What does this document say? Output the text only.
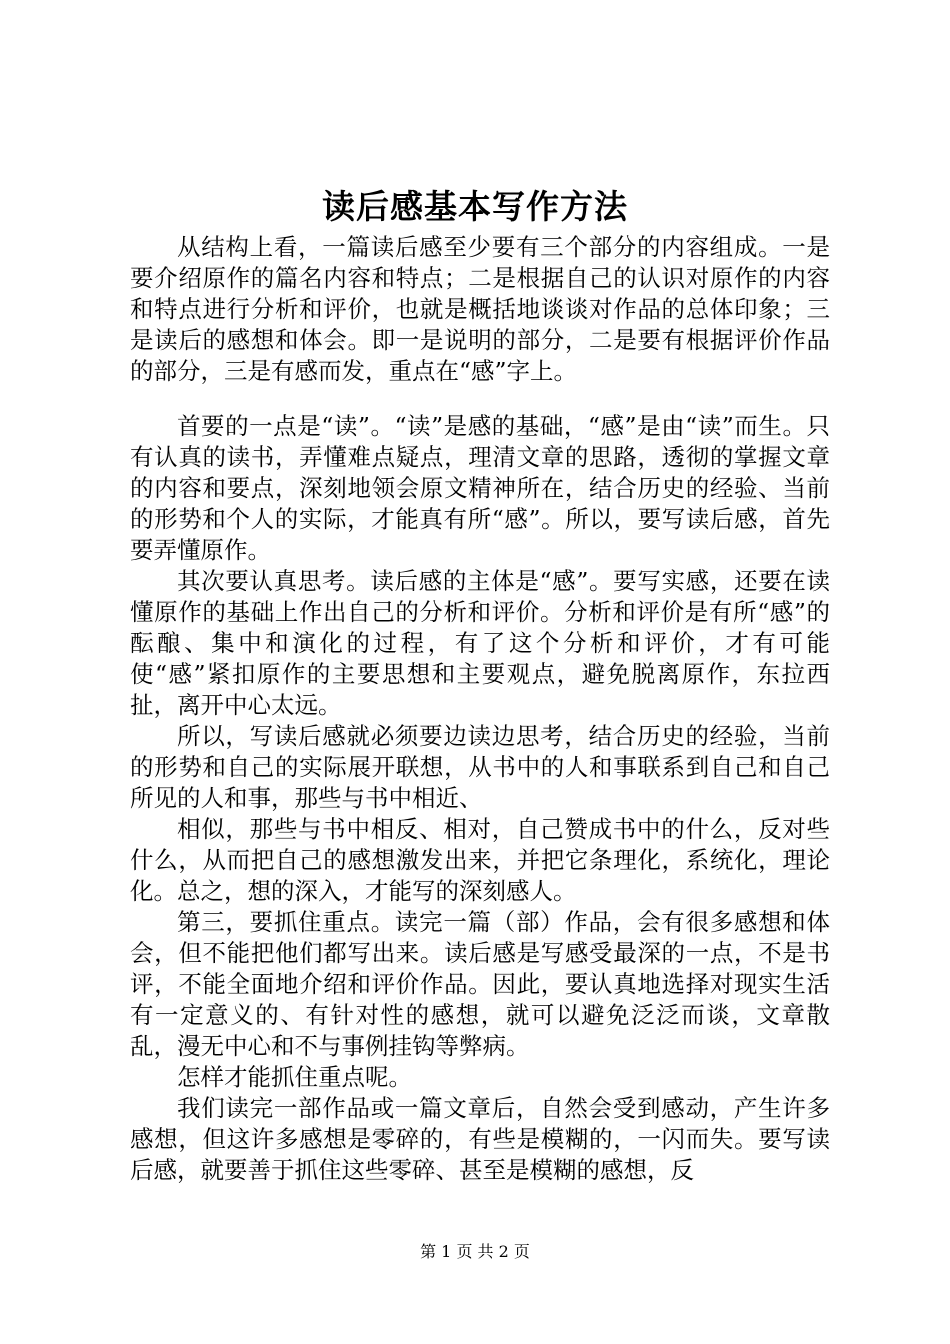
读后感基本写作方法

从结构上看，一篇读后感至少要有三个部分的内容组成。一是要介绍原作的篇名内容和特点；二是根据自己的认识对原作的内容和特点进行分析和评价，也就是概括地谈谈对作品的总体印象；三是读后的感想和体会。即一是说明的部分，二是要有根据评价作品的部分，三是有感而发，重点在“感”字上。

首要的一点是“读”。“读”是感的基础，“感”是由“读”而生。只有认真的读书，弄懂难点疑点，理清文章的思路，透彻的掌握文章的内容和要点，深刻地领会原文精神所在，结合历史的经验、当前的形势和个人的实际，才能真有所“感”。所以，要写读后感，首先要弄懂原作。

其次要认真思考。读后感的主体是“感”。要写实感，还要在读懂原作的基础上作出自己的分析和评价。分析和评价是有所“感”的酝酿、集中和演化的过程，有了这个分析和评价，才有可能使“感”紧扣原作的主要思想和主要观点，避免脱离原作，东拉西扯，离开中心太远。

所以，写读后感就必须要边读边思考，结合历史的经验，当前的形势和自己的实际展开联想，从书中的人和事联系到自己和自己所见的人和事，那些与书中相近、

相似，那些与书中相反、相对，自己赞成书中的什么，反对些什么，从而把自己的感想激发出来，并把它条理化，系统化，理论化。总之，想的深入，才能写的深刻感人。

第三，要抓住重点。读完一篇（部）作品，会有很多感想和体会，但不能把他们都写出来。读后感是写感受最深的一点，不是书评，不能全面地介绍和评价作品。因此，要认真地选择对现实生活有一定意义的、有针对性的感想，就可以避免泛泛而谈，文章散乱，漫无中心和不与事例挂钩等弊病。

怎样才能抓住重点呢。

我们读完一部作品或一篇文章后，自然会受到感动，产生许多感想，但这许多感想是零碎的，有些是模糊的，一闪而失。要写读后感，就要善于抓住这些零碎、甚至是模糊的感想，反

第 1 页 共 2 页
